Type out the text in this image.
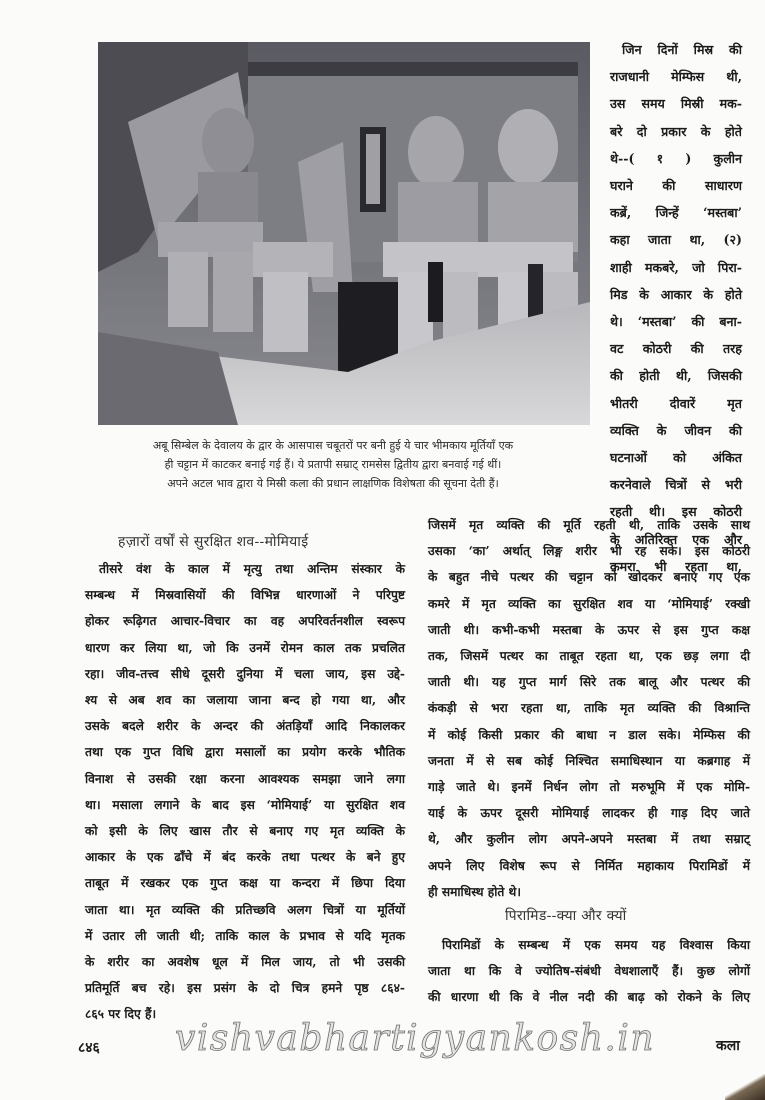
जिन दिनों मिस्र की
राजधानी मेम्फिस थी,
उस समय मिस्री मक-
बरे दो प्रकार के होते
थे--( १ ) कुलीन
घराने की साधारण
कब्रें, जिन्हें ‘मस्तबा’
कहा जाता था, (२)
शाही मकबरे, जो पिरा-
मिड के आकार के होते
थे। ‘मस्तबा’ की बना-
वट कोठरी की तरह
की होती थी, जिसकी
भीतरी दीवारें मृत
व्यक्ति के जीवन की
घटनाओं को अंकित
करनेवाले चित्रों से भरी
रहती थी। इस कोठरी
के अतिरिक्त एक और
कमरा भी रहता था,
अबू सिम्बेल के देवालय के द्वार के आसपास चबूतरों पर बनी हुई ये चार भीमकाय मूर्तियाँ एक
ही चट्टान में काटकर बनाई गई हैं। ये प्रतापी सम्राट् रामसेस द्वितीय द्वारा बनवाई गई थीं।
अपने अटल भाव द्वारा ये मिस्री कला की प्रधान लाक्षणिक विशेषता की सूचना देती हैं।
हज़ारों वर्षों से सुरक्षित शव--मोमियाई
तीसरे वंश के काल में मृत्यु तथा अन्तिम संस्कार के
सम्बन्ध में मिस्रवासियों की विभिन्न धारणाओं ने परिपुष्ट
होकर रूढ़िगत आचार-विचार का वह अपरिवर्तनशील स्वरूप
धारण कर लिया था, जो कि उनमें रोमन काल तक प्रचलित
रहा। जीव-तत्त्व सीधे दूसरी दुनिया में चला जाय, इस उद्दे-
श्य से अब शव का जलाया जाना बन्द हो गया था, और
उसके बदले शरीर के अन्दर की अंतड़ियाँ आदि निकालकर
तथा एक गुप्त विधि द्वारा मसालों का प्रयोग करके भौतिक
विनाश से उसकी रक्षा करना आवश्यक समझा जाने लगा
था। मसाला लगाने के बाद इस ‘मोमियाई’ या सुरक्षित शव
को इसी के लिए खास तौर से बनाए गए मृत व्यक्ति के
आकार के एक ढाँचे में बंद करके तथा पत्थर के बने हुए
ताबूत में रखकर एक गुप्त कक्ष या कन्दरा में छिपा दिया
जाता था। मृत व्यक्ति की प्रतिच्छवि अलग चित्रों या मूर्तियों
में उतार ली जाती थी; ताकि काल के प्रभाव से यदि मृतक
के शरीर का अवशेष धूल में मिल जाय, तो भी उसकी
प्रतिमूर्ति बच रहे। इस प्रसंग के दो चित्र हमने पृष्ठ ८६४-
८६५ पर दिए हैं।
जिसमें मृत व्यक्ति की मूर्ति रहती थी, ताकि उसके साथ
उसका ‘का’ अर्थात् लिङ्ग शरीर भी रह सके। इस कोठरी
के बहुत नीचे पत्थर की चट्टान को खोदकर बनाए गए एक
कमरे में मृत व्यक्ति का सुरक्षित शव या ‘मोमियाई’ रक्खी
जाती थी। कभी-कभी मस्तबा के ऊपर से इस गुप्त कक्ष
तक, जिसमें पत्थर का ताबूत रहता था, एक छड़ लगा दी
जाती थी। यह गुप्त मार्ग सिरे तक बालू और पत्थर की
कंकड़ी से भरा रहता था, ताकि मृत व्यक्ति की विश्रान्ति
में कोई किसी प्रकार की बाधा न डाल सके। मेम्फिस की
जनता में से सब कोई निश्चित समाधिस्थान या कब्रगाह में
गाड़े जाते थे। इनमें निर्धन लोग तो मरुभूमि में एक मोमि-
याई के ऊपर दूसरी मोमियाई लादकर ही गाड़ दिए जाते
थे, और कुलीन लोग अपने-अपने मस्तबा में तथा सम्राट्
अपने लिए विशेष रूप से निर्मित महाकाय पिरामिडों में
ही समाधिस्थ होते थे।
पिरामिड--क्या और क्यों
पिरामिडों के सम्बन्ध में एक समय यह विश्वास किया
जाता था कि वे ज्योतिष-संबंधी वेधशालाएँ हैं। कुछ लोगों
की धारणा थी कि वे नील नदी की बाढ़ को रोकने के लिए
८४६ vishvabhartigyankosh.in	कला
